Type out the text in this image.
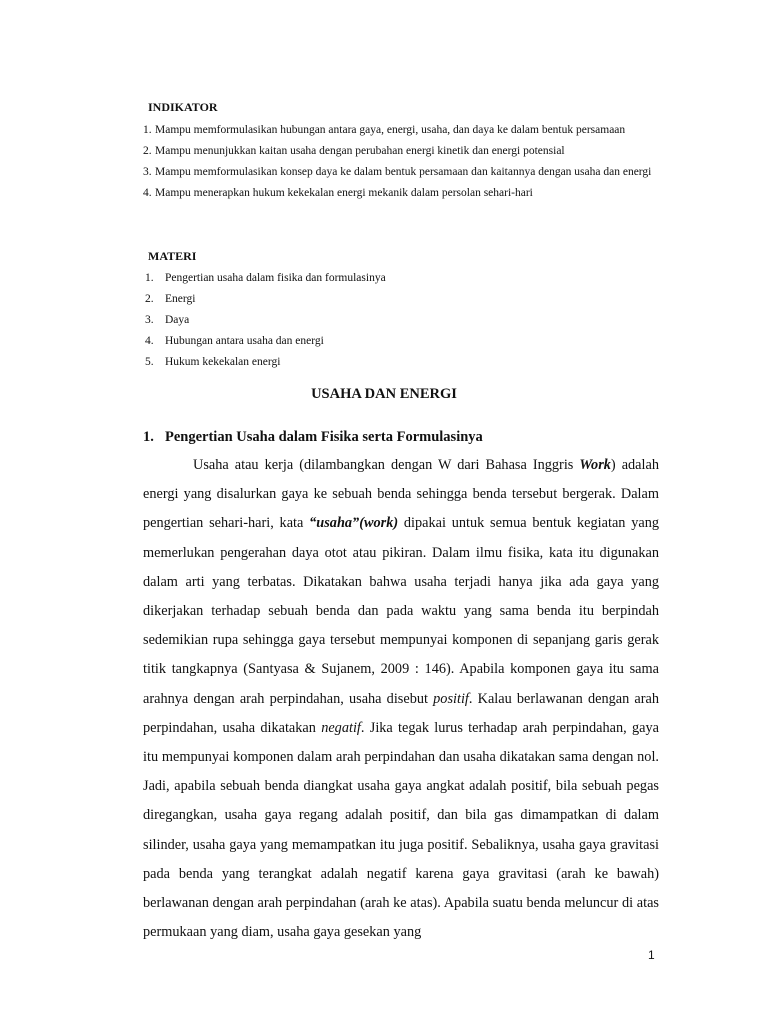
INDIKATOR
1. Mampu memformulasikan hubungan antara gaya, energi, usaha, dan daya ke dalam bentuk persamaan
2. Mampu menunjukkan kaitan usaha dengan perubahan energi kinetik dan energi potensial
3. Mampu memformulasikan konsep daya ke dalam bentuk persamaan dan kaitannya dengan usaha dan energi
4. Mampu menerapkan hukum kekekalan energi mekanik dalam persolan sehari-hari
MATERI
1. Pengertian usaha dalam fisika dan formulasinya
2. Energi
3. Daya
4. Hubungan antara usaha dan energi
5. Hukum kekekalan energi
USAHA DAN ENERGI
1. Pengertian Usaha dalam Fisika serta Formulasinya

Usaha atau kerja (dilambangkan dengan W dari Bahasa Inggris Work) adalah energi yang disalurkan gaya ke sebuah benda sehingga benda tersebut bergerak. Dalam pengertian sehari-hari, kata “usaha”(work) dipakai untuk semua bentuk kegiatan yang memerlukan pengerahan daya otot atau pikiran. Dalam ilmu fisika, kata itu digunakan dalam arti yang terbatas. Dikatakan bahwa usaha terjadi hanya jika ada gaya yang dikerjakan terhadap sebuah benda dan pada waktu yang sama benda itu berpindah sedemikian rupa sehingga gaya tersebut mempunyai komponen di sepanjang garis gerak titik tangkapnya (Santyasa & Sujanem, 2009 : 146). Apabila komponen gaya itu sama arahnya dengan arah perpindahan, usaha disebut positif. Kalau berlawanan dengan arah perpindahan, usaha dikatakan negatif. Jika tegak lurus terhadap arah perpindahan, gaya itu mempunyai komponen dalam arah perpindahan dan usaha dikatakan sama dengan nol. Jadi, apabila sebuah benda diangkat usaha gaya angkat adalah positif, bila sebuah pegas diregangkan, usaha gaya regang adalah positif, dan bila gas dimampatkan di dalam silinder, usaha gaya yang memampatkan itu juga positif. Sebaliknya, usaha gaya gravitasi pada benda yang terangkat adalah negatif karena gaya gravitasi (arah ke bawah) berlawanan dengan arah perpindahan (arah ke atas). Apabila suatu benda meluncur di atas permukaan yang diam, usaha gaya gesekan yang

1
